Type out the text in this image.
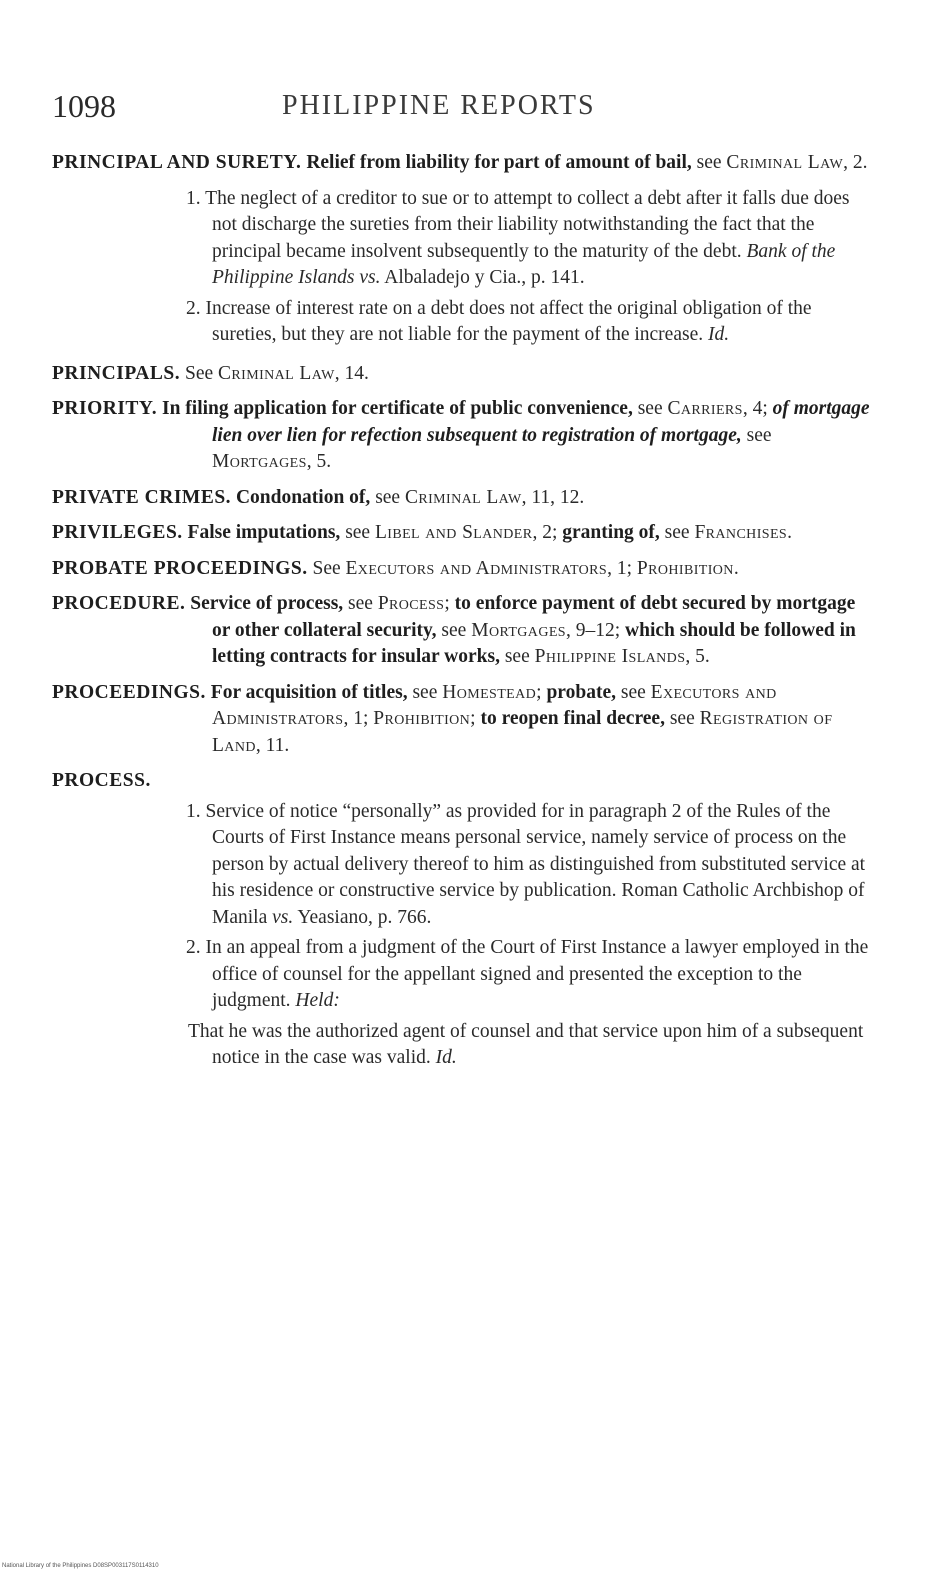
1098	PHILIPPINE REPORTS

PRINCIPAL AND SURETY. Relief from liability for part of amount of bail, see Criminal Law, 2.

1. The neglect of a creditor to sue or to attempt to collect a debt after it falls due does not discharge the sureties from their liability notwithstanding the fact that the principal became insolvent subsequently to the maturity of the debt. Bank of the Philippine Islands vs. Albaladejo y Cia., p. 141.

2. Increase of interest rate on a debt does not affect the original obligation of the sureties, but they are not liable for the payment of the increase. Id.

PRINCIPALS. See Criminal Law, 14.

PRIORITY. In filing application for certificate of public convenience, see Carriers, 4; of mortgage lien over lien for refection subsequent to registration of mortgage, see Mortgages, 5.

PRIVATE CRIMES. Condonation of, see Criminal Law, 11, 12.

PRIVILEGES. False imputations, see Libel and Slander, 2; granting of, see Franchises.

PROBATE PROCEEDINGS. See Executors and Administrators, 1; Prohibition.

PROCEDURE. Service of process, see Process; to enforce payment of debt secured by mortgage or other collateral security, see Mortgages, 9–12; which should be followed in letting contracts for insular works, see Philippine Islands, 5.

PROCEEDINGS. For acquisition of titles, see Homestead; probate, see Executors and Administrators, 1; Prohibition; to reopen final decree, see Registration of Land, 11.

PROCESS.

1. Service of notice “personally” as provided for in paragraph 2 of the Rules of the Courts of First Instance means personal service, namely service of process on the person by actual delivery thereof to him as distinguished from substituted service at his residence or constructive service by publication. Roman Catholic Archbishop of Manila vs. Yeasiano, p. 766.

2. In an appeal from a judgment of the Court of First Instance a lawyer employed in the office of counsel for the appellant signed and presented the exception to the judgment. Held:

That he was the authorized agent of counsel and that service upon him of a subsequent notice in the case was valid. Id.

National Library of the Philippines D08SP003117S0114310
